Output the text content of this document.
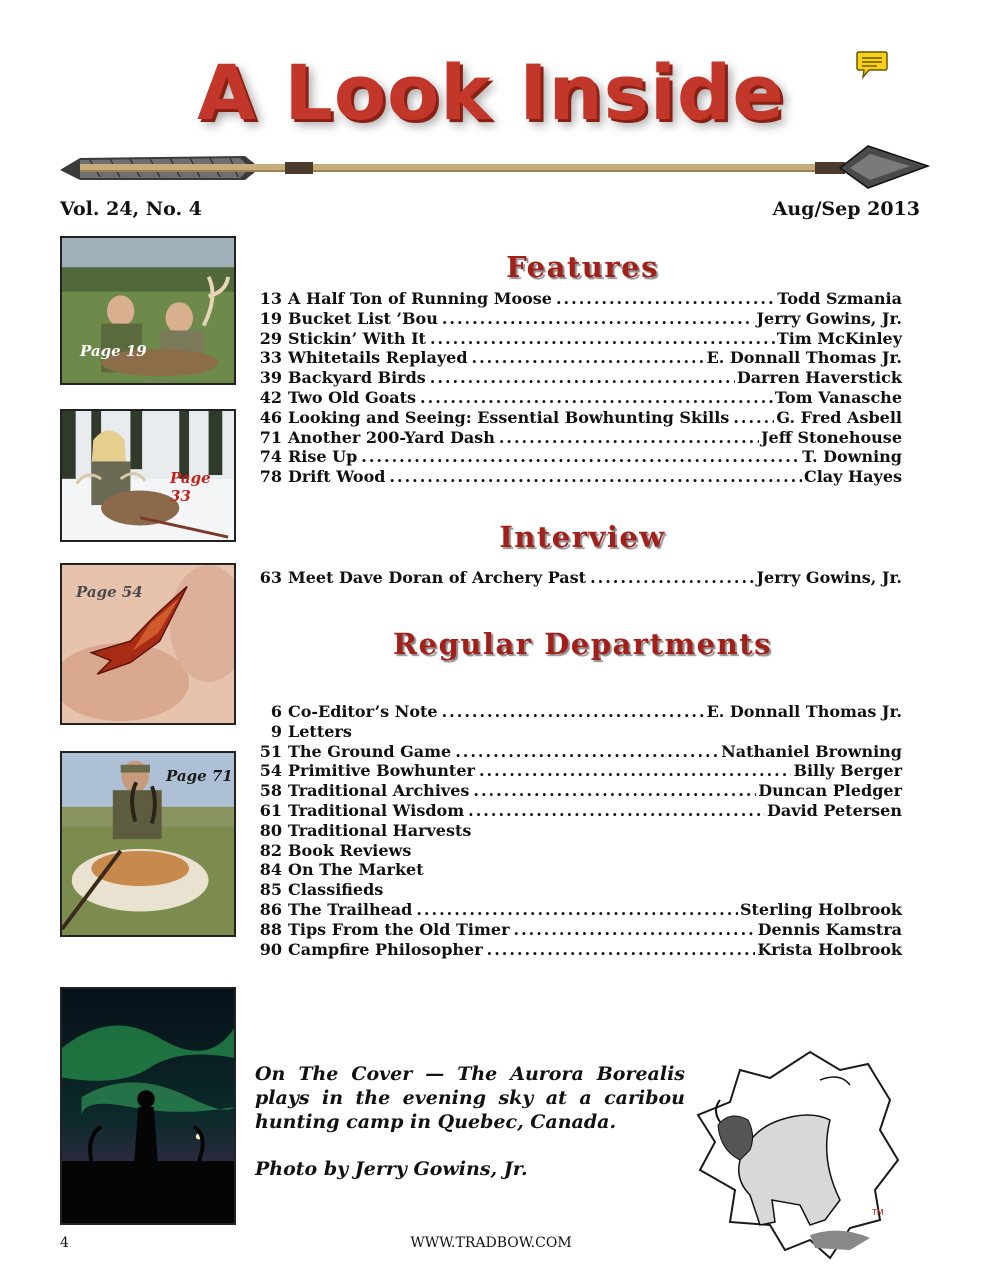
A Look Inside
Vol. 24, No. 4	Aug/Sep 2013
Page 19
Page 33
Page 54
Page 71
Features
13 A Half Ton of Running Moose .....	Todd Szmania
19 Bucket List ’Bou .....	Jerry Gowins, Jr.
29 Stickin’ With It .....	Tim McKinley
33 Whitetails Replayed .....	E. Donnall Thomas Jr.
39 Backyard Birds .....	Darren Haverstick
42 Two Old Goats .....	Tom Vanasche
46 Looking and Seeing: Essential Bowhunting Skills .....	G. Fred Asbell
71 Another 200-Yard Dash .....	Jeff Stonehouse
74 Rise Up .....	T. Downing
78 Drift Wood .....	Clay Hayes
Interview
63 Meet Dave Doran of Archery Past .....	Jerry Gowins, Jr.
Regular Departments
6 Co-Editor’s Note .....	E. Donnall Thomas Jr.
9 Letters
51 The Ground Game .....	Nathaniel Browning
54 Primitive Bowhunter .....	Billy Berger
58 Traditional Archives .....	Duncan Pledger
61 Traditional Wisdom .....	David Petersen
80 Traditional Harvests
82 Book Reviews
84 On The Market
85 Classifieds
86 The Trailhead .....	Sterling Holbrook
88 Tips From the Old Timer .....	Dennis Kamstra
90 Campfire Philosopher .....	Krista Holbrook
On The Cover — The Aurora Borealis plays in the evening sky at a caribou hunting camp in Quebec, Canada.
Photo by Jerry Gowins, Jr.
TM
4	WWW.TRADBOW.COM
